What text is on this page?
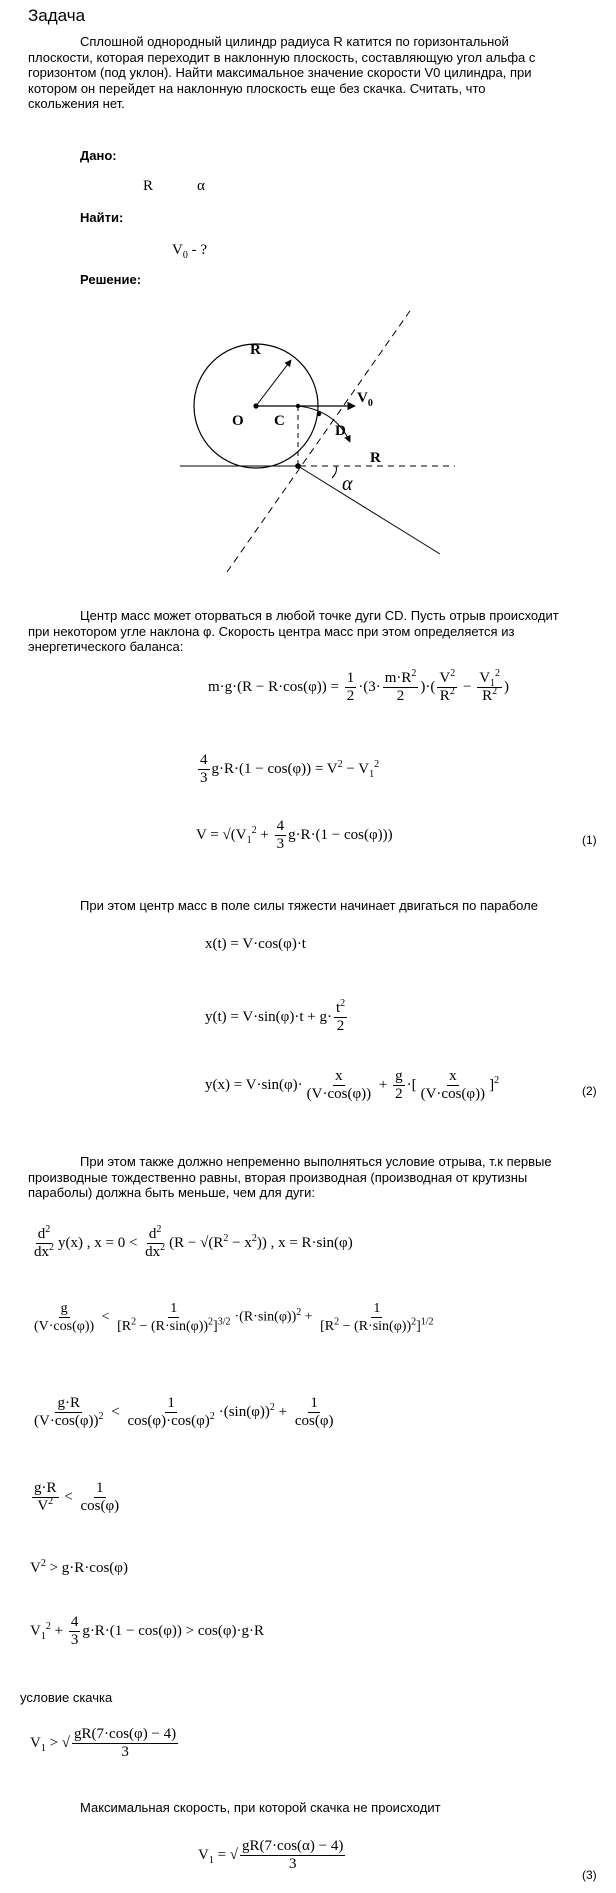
Задача
Сплошной однородный цилиндр радиуса R катится по горизонтальной
плоскости, которая переходит в наклонную плоскость, составляющую угол альфа с
горизонтом (под уклон). Найти максимальное значение скорости V0 цилиндра, при
котором он перейдет на наклонную плоскость еще без скачка. Считать, что
скольжения нет.
Дано:
R	α
Найти:
$V_0$ - ?
Решение:
R
$V_0$
O C
D
R
α
Центр масс может оторваться в любой точке дуги CD. Пусть отрыв происходит
при некотором угле наклона φ. Скорость центра масс при этом определяется из
энергетического баланса:
$m\cdot g\cdot(R - R\cdot\cos(\varphi)) = \frac{1}{2} \cdot(3\cdot \frac{m\cdot R^2}{2}$ )·( $\frac{V^2}{R^2} - \frac{V_1^2}{R^2}$ )
$\frac{4}{3} g\cdot R\cdot(1 - \cos(\varphi)) = V^2 - V_1^2$
$V = √(V_1^2 + \frac{4}{3} g\cdot R\cdot(1 - \cos(\varphi)))$	(1)
При этом центр масс в поле силы тяжести начинает двигаться по параболе
x(t) = V·cos(φ)·t
$y(t) = V\cdot\sin(\varphi)\cdot t + g\cdot \frac{t^2}{2}$
$y(x) = V\cdot\sin(\varphi)\cdot \frac{x}{(V\cdot\cos(\varphi))} + \frac{g}{2}$ ·[ $\frac{x}{(V\cdot\cos(\varphi))} ]^2$
(2)
При этом также должно непременно выполняться условие отрыва, т.к первые
производные тождественно равны, вторая производная (производная от крутизны
параболы) должна быть меньше, чем для дуги:
$\frac{d^2}{dx^2} y(x)$ , $x = 0 < \frac{d^2}{dx^2} (R - √(R^2 - x^2))$ , x = R·sin(φ)
$\frac{g}{(V\cdot\cos(\varphi))} < \frac{1}{[R^2 - (R\cdot\sin(\varphi))^2]^{3/2}} \cdot(R\cdot\sin(\varphi))^2 + \frac{1}{[R^2 - (R\cdot\sin(\varphi))^2]^{1/2}}$
$\frac{g\cdot R}{(V\cdot\cos(\varphi))^2} < \frac{1}{\cos(\varphi)\cdot\cos(\varphi)^2} \cdot(\sin(\varphi))^2 + \frac{1}{\cos(\varphi)}$
$\frac{g\cdot R}{V^2} < \frac{1}{\cos(\varphi)}$
$V^2 > g\cdot R\cdot\cos(\varphi)$
$V_1^2 + \frac{4}{3} g\cdot R\cdot(1 - \cos(\varphi)) > \cos(\varphi)\cdot g\cdot R$
условие скачка
$V_1$ > √ $\frac{gR(7\cdot\cos(\varphi) - 4)}{3}$
Максимальная скорость, при которой скачка не происходит
$V_1$ = √ $\frac{gR(7\cdot\cos(\alpha) - 4)}{3}$
(3)
